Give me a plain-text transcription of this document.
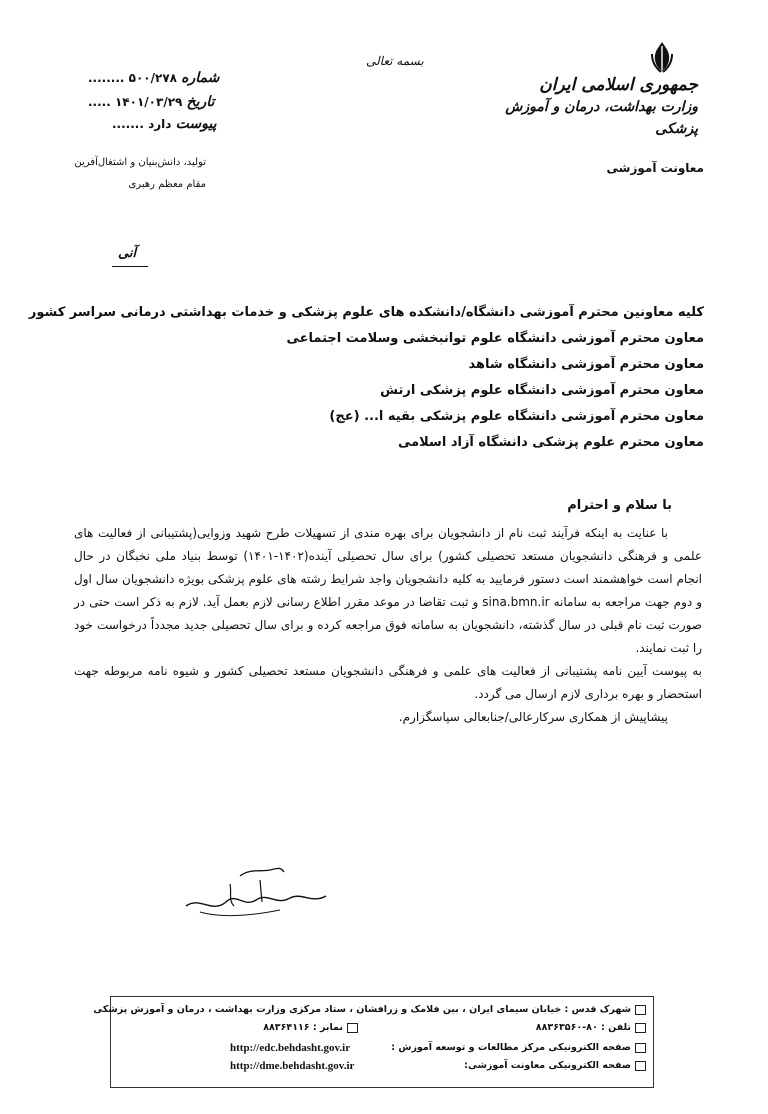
جمهوری اسلامی ایران
وزارت بهداشت، درمان و آموزش پزشکی
معاونت آموزشی
بسمه تعالی
شماره ۵۰۰/۲۷۸ ........
تاریخ ۱۴۰۱/۰۳/۲۹ .....
پیوست دارد .......
تولید، دانش‌بنیان و اشتغال‌آفرین
مقام معظم رهبری
آنی
کلیه معاونین محترم آموزشی دانشگاه/دانشکده های علوم پزشکی و خدمات بهداشتی درمانی سراسر کشور
معاون محترم آموزشی دانشگاه علوم توانبخشی وسلامت اجتماعی
معاون محترم آموزشی دانشگاه شاهد
معاون محترم آموزشی دانشگاه علوم پزشکی ارتش
معاون محترم آموزشی دانشگاه علوم پزشکی بقیه ا... (عج)
معاون محترم علوم پزشکی دانشگاه آزاد اسلامی
با سلام و احترام

با عنایت به اینکه فرآیند ثبت نام از دانشجویان برای بهره مندی از تسهیلات طرح شهید وزوایی(پشتیبانی از فعالیت های علمی و فرهنگی دانشجویان مستعد تحصیلی کشور) برای سال تحصیلی آینده(۱۴۰۲-۱۴۰۱) توسط بنیاد ملی نخبگان در حال انجام است خواهشمند است دستور فرمایید به کلیه دانشجویان واجد شرایط رشته های علوم پزشکی بویژه دانشجویان سال اول و دوم جهت مراجعه به سامانه sina.bmn.ir و ثبت تقاضا در موعد مقرر اطلاع رسانی لازم بعمل آید. لازم به ذکر است حتی در صورت ثبت نام قبلی در سال گذشته، دانشجویان به سامانه فوق مراجعه کرده و برای سال تحصیلی جدید مجدداً درخواست خود را ثبت نمایند.

به پیوست آیین نامه پشتیبانی از فعالیت های علمی و فرهنگی دانشجویان مستعد تحصیلی کشور و شیوه نامه مربوطه جهت استحضار و بهره برداری لازم ارسال می گردد.

پیشاپیش از همکاری سرکارعالی/جنابعالی سپاسگزارم.

شهرک قدس : خیابان سیمای ایران ، بین فلامک و زرافشان ، ستاد مرکزی وزارت بهداشت ، درمان و آموزش پزشکی
تلفن : ۸۰-۸۸۳۶۳۵۶۰
نمابر : ۸۸۳۶۴۱۱۶
صفحه الکترونیکی مرکز مطالعات و توسعه آموزش :
http://edc.behdasht.gov.ir
صفحه الکترونیکی معاونت آموزشی:
http://dme.behdasht.gov.ir
